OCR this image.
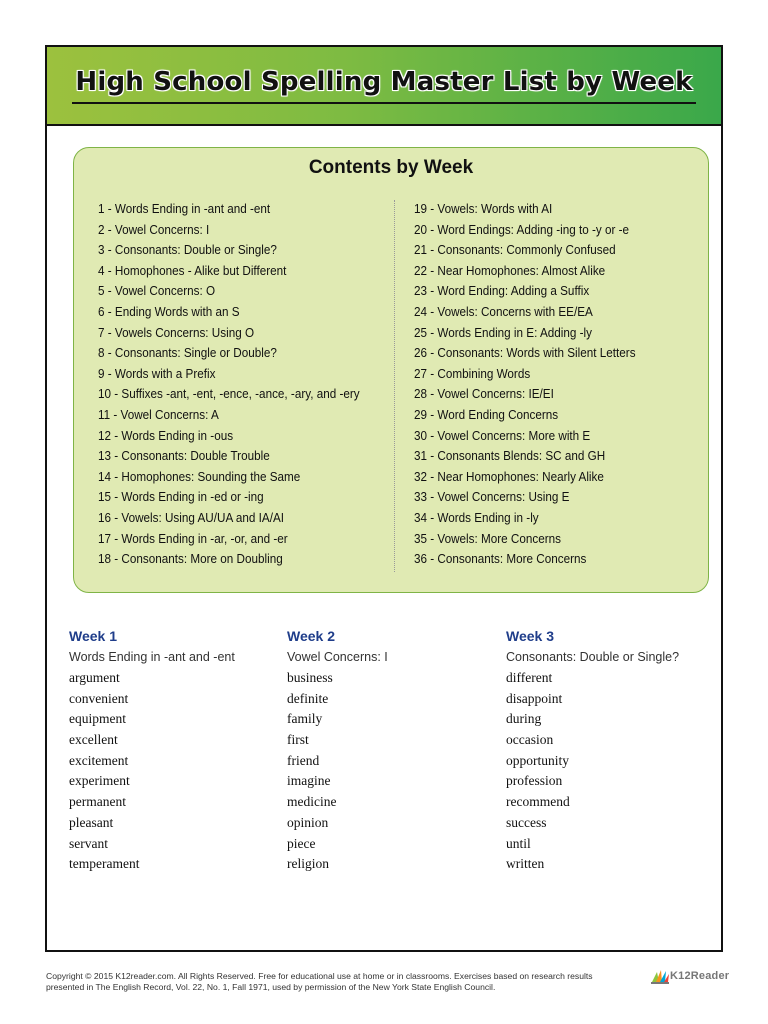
High School Spelling Master List by Week
Contents by Week
1 - Words Ending in -ant and -ent
2 - Vowel Concerns: I
3 - Consonants: Double or Single?
4 - Homophones - Alike but Different
5 - Vowel Concerns: O
6 - Ending Words with an S
7 - Vowels Concerns: Using O
8 - Consonants: Single or Double?
9 - Words with a Prefix
10 - Suffixes -ant, -ent, -ence, -ance, -ary, and -ery
11 - Vowel Concerns: A
12 - Words Ending in -ous
13 - Consonants: Double Trouble
14 - Homophones: Sounding the Same
15 - Words Ending in -ed or -ing
16 - Vowels: Using AU/UA and IA/AI
17 - Words Ending in -ar, -or, and -er
18 - Consonants: More on Doubling
19 - Vowels: Words with AI
20 - Word Endings: Adding -ing to -y or -e
21 - Consonants: Commonly Confused
22 - Near Homophones: Almost Alike
23 - Word Ending: Adding a Suffix
24 - Vowels: Concerns with EE/EA
25 - Words Ending in E: Adding -ly
26 - Consonants: Words with Silent Letters
27 - Combining Words
28 - Vowel Concerns: IE/EI
29 - Word Ending Concerns
30 - Vowel Concerns: More with E
31 - Consonants Blends: SC and GH
32 - Near Homophones: Nearly Alike
33 - Vowel Concerns: Using E
34 - Words Ending in -ly
35 - Vowels: More Concerns
36 - Consonants: More Concerns
Week 1
Words Ending in -ant and -ent
argument
convenient
equipment
excellent
excitement
experiment
permanent
pleasant
servant
temperament
Week 2
Vowel Concerns: I
business
definite
family
first
friend
imagine
medicine
opinion
piece
religion
Week 3
Consonants: Double or Single?
different
disappoint
during
occasion
opportunity
profession
recommend
success
until
written
Copyright © 2015 K12reader.com. All Rights Reserved. Free for educational use at home or in classrooms. Exercises based on research results presented in The English Record, Vol. 22, No. 1, Fall 1971, used by permission of the New York State English Council.
K12Reader
